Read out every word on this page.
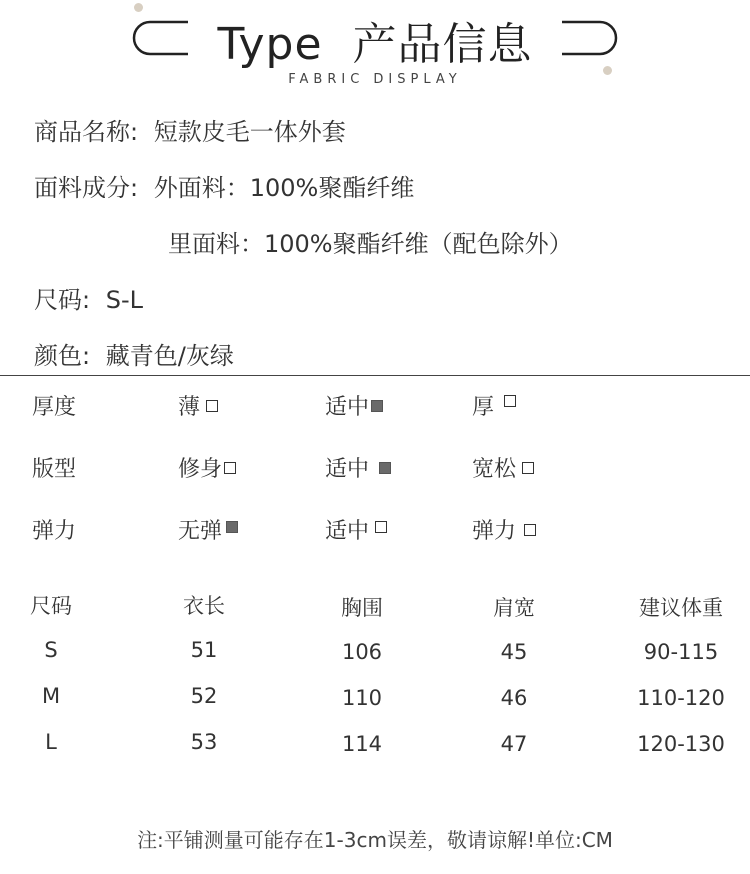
Type  产品信息
FABRIC DISPLAY
商品名称: 短款皮毛一体外套
面料成分: 外面料：100%聚酯纤维
里面料：100%聚酯纤维（配色除外）
尺码: S-L
颜色: 藏青色/灰绿
厚度	薄	适中	厚
版型	修身	适中	宽松
弹力	无弹	适中	弹力
尺码	衣长	胸围	肩宽	建议体重
S	51	106	45	90-115
M	52	110	46	110-120
L	53	114	47	120-130
注:平铺测量可能存在1-3cm误差，敬请谅解!单位:CM
